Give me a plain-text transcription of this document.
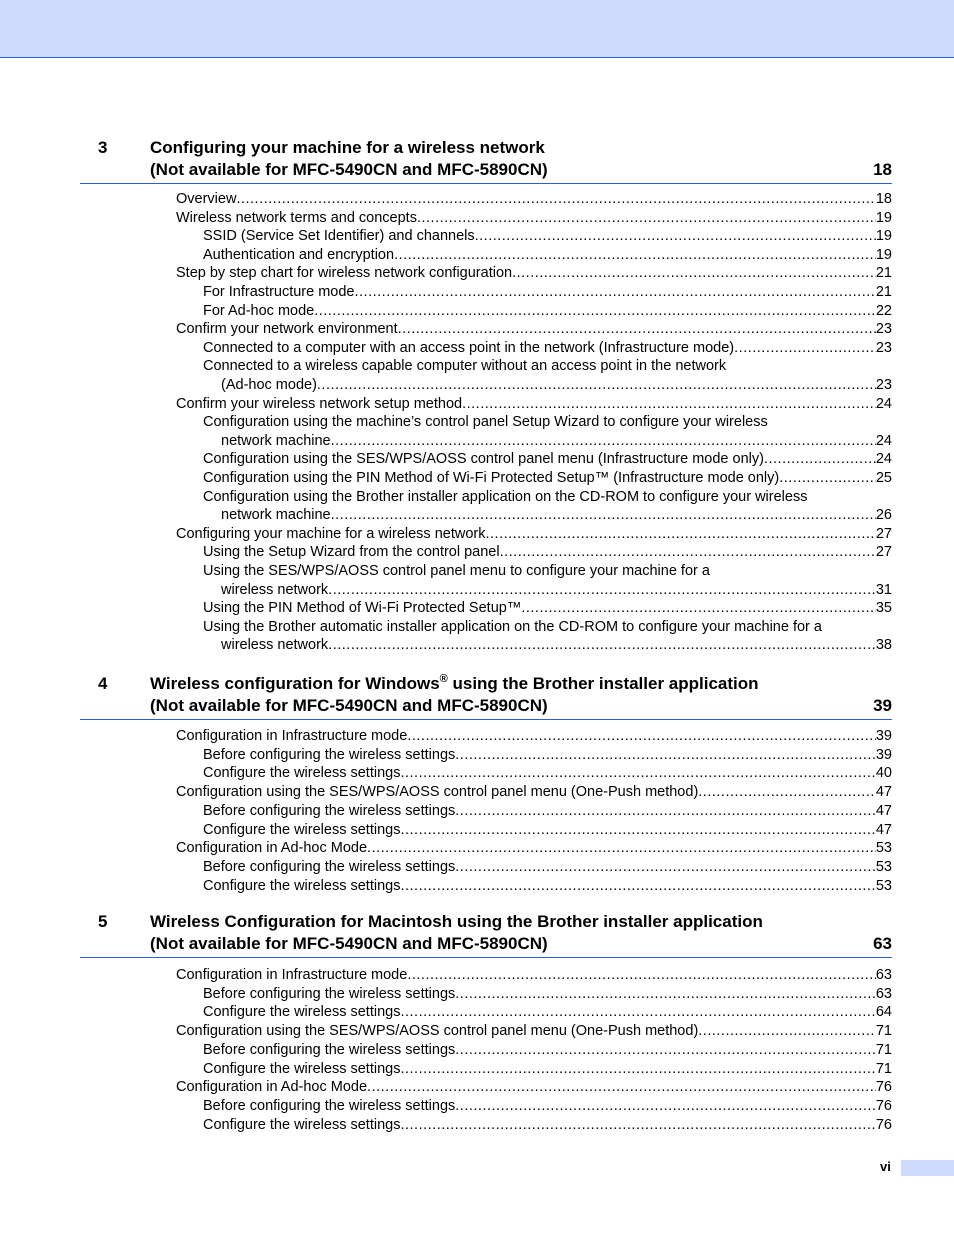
3	Configuring your machine for a wireless network
(Not available for MFC-5490CN and MFC-5890CN)	18
Overview .....	18
Wireless network terms and concepts .....	19
SSID (Service Set Identifier) and channels .....	19
Authentication and encryption .....	19
Step by step chart for wireless network configuration .....	21
For Infrastructure mode .....	21
For Ad-hoc mode .....	22
Confirm your network environment .....	23
Connected to a computer with an access point in the network (Infrastructure mode) .....	23
Connected to a wireless capable computer without an access point in the network
(Ad-hoc mode) .....	23
Confirm your wireless network setup method .....	24
Configuration using the machine’s control panel Setup Wizard to configure your wireless
network machine .....	24
Configuration using the SES/WPS/AOSS control panel menu (Infrastructure mode only) .....	24
Configuration using the PIN Method of Wi-Fi Protected Setup™ (Infrastructure mode only) .....	25
Configuration using the Brother installer application on the CD-ROM to configure your wireless
network machine .....	26
Configuring your machine for a wireless network .....	27
Using the Setup Wizard from the control panel .....	27
Using the SES/WPS/AOSS control panel menu to configure your machine for a
wireless network .....	31
Using the PIN Method of Wi-Fi Protected Setup™ .....	35
Using the Brother automatic installer application on the CD-ROM to configure your machine for a
wireless network .....	38
4	Wireless configuration for Windows® using the Brother installer application
(Not available for MFC-5490CN and MFC-5890CN)	39
Configuration in Infrastructure mode .....	39
Before configuring the wireless settings .....	39
Configure the wireless settings .....	40
Configuration using the SES/WPS/AOSS control panel menu (One-Push method) .....	47
Before configuring the wireless settings .....	47
Configure the wireless settings .....	47
Configuration in Ad-hoc Mode .....	53
Before configuring the wireless settings .....	53
Configure the wireless settings .....	53
5	Wireless Configuration for Macintosh using the Brother installer application
(Not available for MFC-5490CN and MFC-5890CN)	63
Configuration in Infrastructure mode .....	63
Before configuring the wireless settings .....	63
Configure the wireless settings .....	64
Configuration using the SES/WPS/AOSS control panel menu (One-Push method) .....	71
Before configuring the wireless settings .....	71
Configure the wireless settings .....	71
Configuration in Ad-hoc Mode .....	76
Before configuring the wireless settings .....	76
Configure the wireless settings .....	76
vi
